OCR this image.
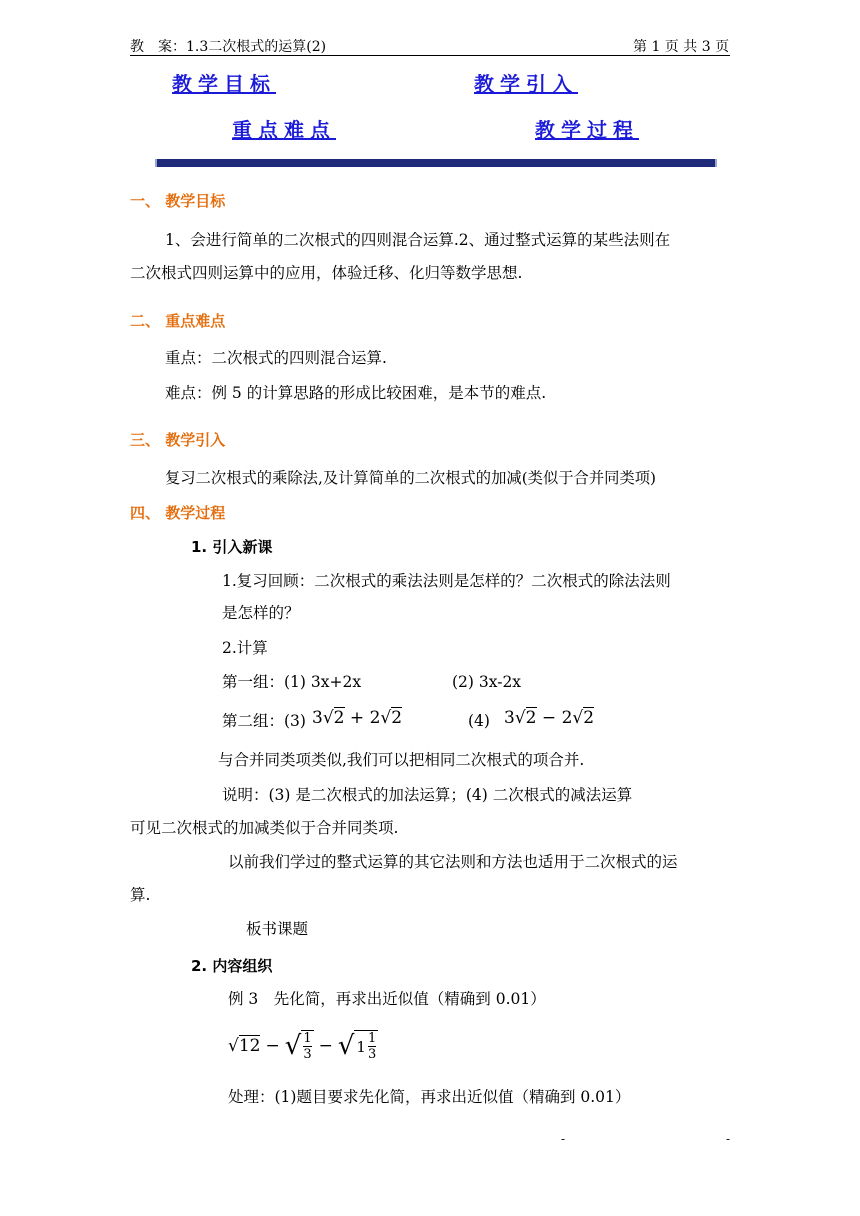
教　案：1.3二次根式的运算(2)	第 1 页 共 3 页
教学目标	教学引入
重点难点	教学过程
一、 教学目标
1、会进行简单的二次根式的四则混合运算.2、通过整式运算的某些法则在
二次根式四则运算中的应用，体验迁移、化归等数学思想.
二、 重点难点
重点：二次根式的四则混合运算.
难点：例 5 的计算思路的形成比较困难，是本节的难点.
三、 教学引入
复习二次根式的乘除法,及计算简单的二次根式的加减(类似于合并同类项)
四、 教学过程
1. 引入新课
1.复习回顾：二次根式的乘法法则是怎样的？二次根式的除法法则
是怎样的？
2.计算
第一组：(1) 3x+2x	(2) 3x-2x
第二组：(3) 3√2 + 2√2	(4) 3√2 − 2√2
与合并同类项类似,我们可以把相同二次根式的项合并.
说明：(3) 是二次根式的加法运算；(4) 二次根式的减法运算
可见二次根式的加减类似于合并同类项.
以前我们学过的整式运算的其它法则和方法也适用于二次根式的运
算.
板书课题
2. 内容组织
例 3　先化简，再求出近似值（精确到 0.01）
√12 − √ $\frac{1}{3}$ − √ $1 \frac{1}{3}$
处理：(1)题目要求先化简，再求出近似值（精确到 0.01）
-	-
